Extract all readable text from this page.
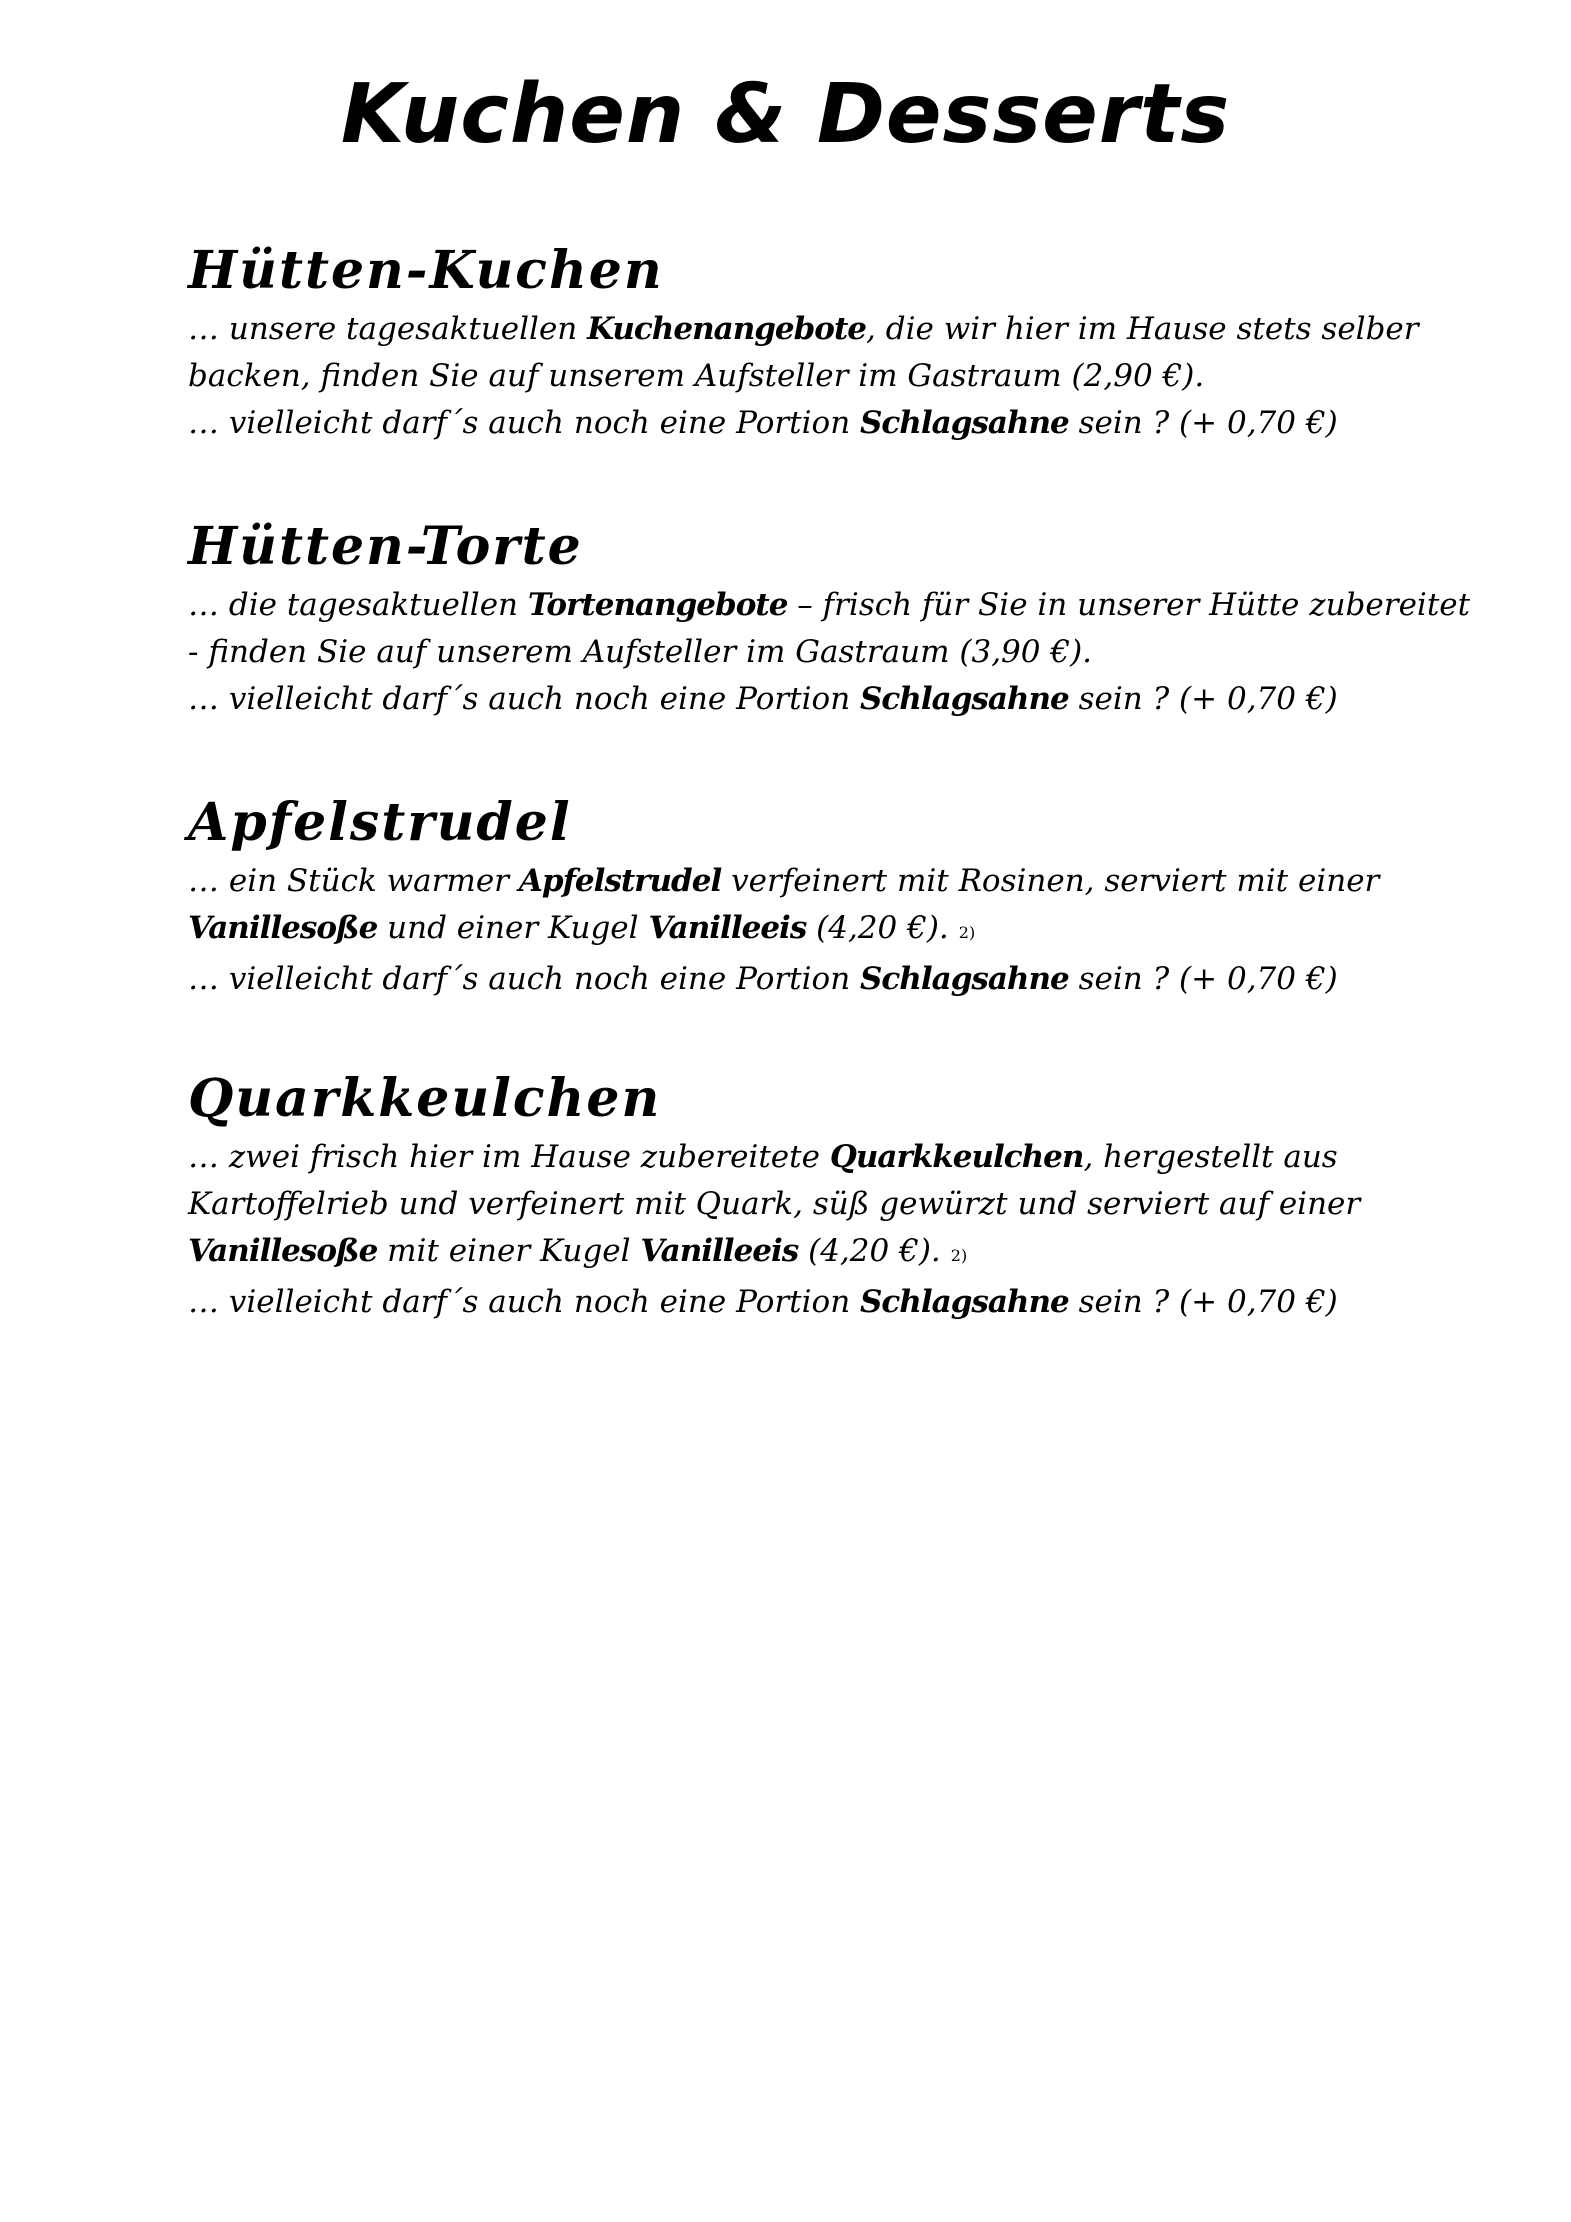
Kuchen & Desserts
Hütten-Kuchen

… unsere tagesaktuellen Kuchenangebote, die wir hier im Hause stets selber
backen, finden Sie auf unserem Aufsteller im Gastraum (2,90 €).
… vielleicht darf´s auch noch eine Portion Schlagsahne sein ? (+ 0,70 €)

Hütten-Torte

… die tagesaktuellen Tortenangebote – frisch für Sie in unserer Hütte zubereitet
- finden Sie auf unserem Aufsteller im Gastraum (3,90 €).
… vielleicht darf´s auch noch eine Portion Schlagsahne sein ? (+ 0,70 €)

Apfelstrudel

… ein Stück warmer Apfelstrudel verfeinert mit Rosinen, serviert mit einer
Vanillesoße und einer Kugel Vanilleeis (4,20 €). 2)
… vielleicht darf´s auch noch eine Portion Schlagsahne sein ? (+ 0,70 €)

Quarkkeulchen

… zwei frisch hier im Hause zubereitete Quarkkeulchen, hergestellt aus
Kartoffelrieb und verfeinert mit Quark, süß gewürzt und serviert auf einer
Vanillesoße mit einer Kugel Vanilleeis (4,20 €). 2)
… vielleicht darf´s auch noch eine Portion Schlagsahne sein ? (+ 0,70 €)
